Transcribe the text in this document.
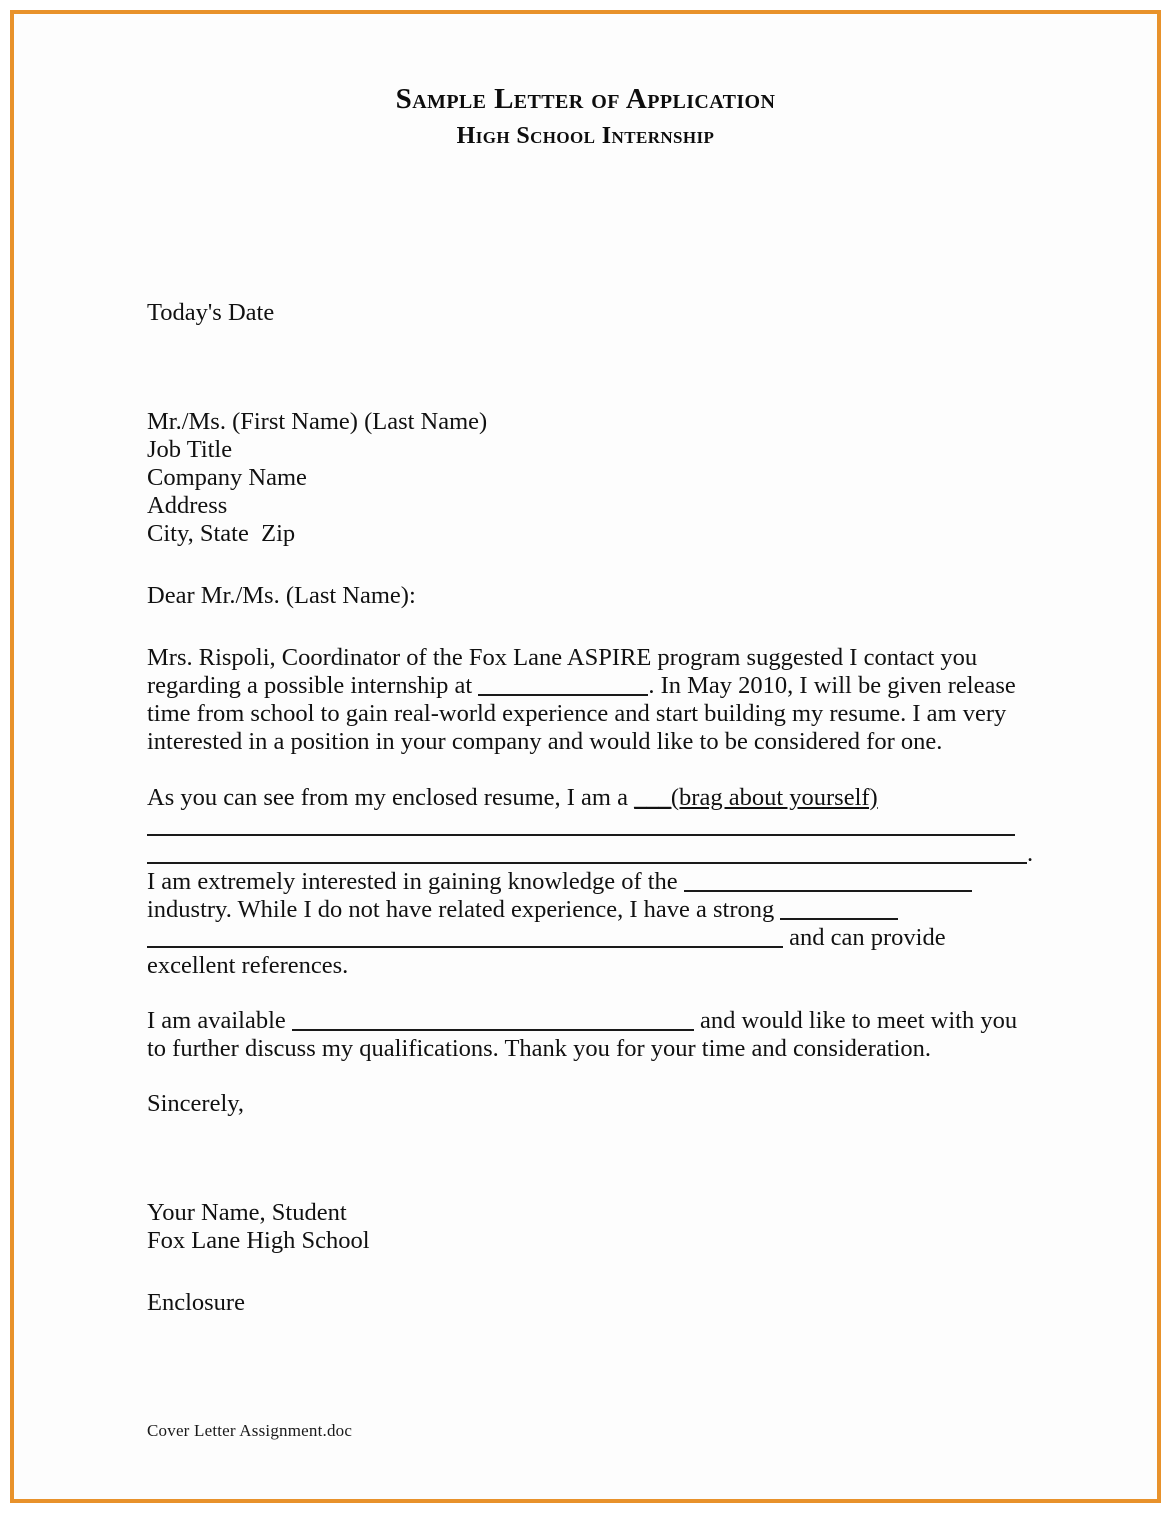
Sample Letter of Application
High School Internship
Today's Date
Mr./Ms. (First Name) (Last Name)
Job Title
Company Name
Address
City, State  Zip
Dear Mr./Ms. (Last Name):

Mrs. Rispoli, Coordinator of the Fox Lane ASPIRE program suggested I contact you regarding a possible internship at	. In May 2010, I will be given release time from school to gain real-world experience and start building my resume. I am very interested in a position in your company and would like to be considered for one.

As you can see from my enclosed resume, I am a ___(brag about yourself)
.
I am extremely interested in gaining knowledge of the
industry. While I do not have related experience, I have a strong
and can provide
excellent references.

I am available	and would like to meet with you to further discuss my qualifications. Thank you for your time and consideration.

Sincerely,
Your Name, Student
Fox Lane High School
Enclosure
Cover Letter Assignment.doc
